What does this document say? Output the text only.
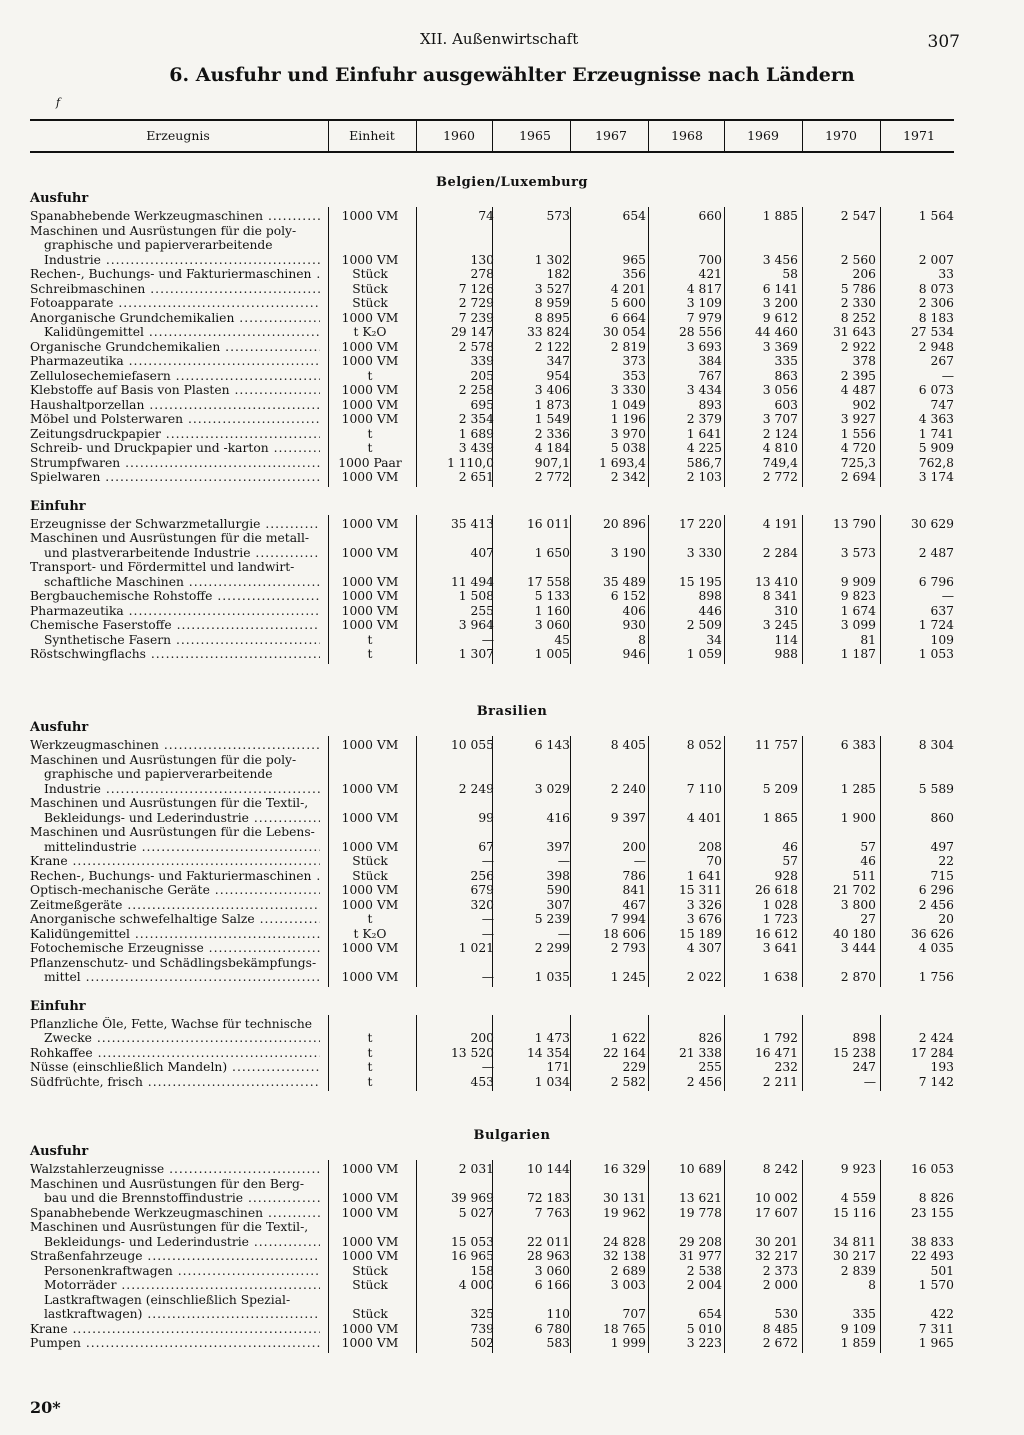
XII. Außenwirtschaft	307
6. Ausfuhr und Einfuhr ausgewählter Erzeugnisse nach Ländern
f
Erzeugnis	Einheit	1960	1965	1967	1968	1969	1970	1971
Belgien/Luxemburg
Ausfuhr
Spanabhebende Werkzeugmaschinen .....	1000 VM	74	573	654	660	1 885	2 547	1 564
Maschinen und Ausrüstungen für die poly-
graphische und papierverarbeitende
Industrie .....	1000 VM	130	1 302	965	700	3 456	2 560	2 007
Rechen-, Buchungs- und Fakturiermaschinen .....	Stück	278	182	356	421	58	206	33
Schreibmaschinen .....	Stück	7 126	3 527	4 201	4 817	6 141	5 786	8 073
Fotoapparate .....	Stück	2 729	8 959	5 600	3 109	3 200	2 330	2 306
Anorganische Grundchemikalien .....	1000 VM	7 239	8 895	6 664	7 979	9 612	8 252	8 183
Kalidüngemittel .....	t K₂O	29 147	33 824	30 054	28 556	44 460	31 643	27 534
Organische Grundchemikalien .....	1000 VM	2 578	2 122	2 819	3 693	3 369	2 922	2 948
Pharmazeutika .....	1000 VM	339	347	373	384	335	378	267
Zellulosechemiefasern .....	t	205	954	353	767	863	2 395	—
Klebstoffe auf Basis von Plasten .....	1000 VM	2 258	3 406	3 330	3 434	3 056	4 487	6 073
Haushaltporzellan .....	1000 VM	695	1 873	1 049	893	603	902	747
Möbel und Polsterwaren .....	1000 VM	2 354	1 549	1 196	2 379	3 707	3 927	4 363
Zeitungsdruckpapier .....	t	1 689	2 336	3 970	1 641	2 124	1 556	1 741
Schreib- und Druckpapier und -karton .....	t	3 439	4 184	5 038	4 225	4 810	4 720	5 909
Strumpfwaren .....	1000 Paar	1 110,0	907,1	1 693,4	586,7	749,4	725,3	762,8
Spielwaren .....	1000 VM	2 651	2 772	2 342	2 103	2 772	2 694	3 174
Einfuhr
Erzeugnisse der Schwarzmetallurgie .....	1000 VM	35 413	16 011	20 896	17 220	4 191	13 790	30 629
Maschinen und Ausrüstungen für die metall-
und plastverarbeitende Industrie .....	1000 VM	407	1 650	3 190	3 330	2 284	3 573	2 487
Transport- und Fördermittel und landwirt-
schaftliche Maschinen .....	1000 VM	11 494	17 558	35 489	15 195	13 410	9 909	6 796
Bergbauchemische Rohstoffe .....	1000 VM	1 508	5 133	6 152	898	8 341	9 823	—
Pharmazeutika .....	1000 VM	255	1 160	406	446	310	1 674	637
Chemische Faserstoffe .....	1000 VM	3 964	3 060	930	2 509	3 245	3 099	1 724
Synthetische Fasern .....	t	—	45	8	34	114	81	109
Röstschwingflachs .....	t	1 307	1 005	946	1 059	988	1 187	1 053
Brasilien
Ausfuhr
Werkzeugmaschinen .....	1000 VM	10 055	6 143	8 405	8 052	11 757	6 383	8 304
Maschinen und Ausrüstungen für die poly-
graphische und papierverarbeitende
Industrie .....	1000 VM	2 249	3 029	2 240	7 110	5 209	1 285	5 589
Maschinen und Ausrüstungen für die Textil-,
Bekleidungs- und Lederindustrie .....	1000 VM	99	416	9 397	4 401	1 865	1 900	860
Maschinen und Ausrüstungen für die Lebens-
mittelindustrie .....	1000 VM	67	397	200	208	46	57	497
Krane .....	Stück	—	—	—	70	57	46	22
Rechen-, Buchungs- und Fakturiermaschinen .....	Stück	256	398	786	1 641	928	511	715
Optisch-mechanische Geräte .....	1000 VM	679	590	841	15 311	26 618	21 702	6 296
Zeitmeßgeräte .....	1000 VM	320	307	467	3 326	1 028	3 800	2 456
Anorganische schwefelhaltige Salze .....	t	—	5 239	7 994	3 676	1 723	27	20
Kalidüngemittel .....	t K₂O	—	—	18 606	15 189	16 612	40 180	36 626
Fotochemische Erzeugnisse .....	1000 VM	1 021	2 299	2 793	4 307	3 641	3 444	4 035
Pflanzenschutz- und Schädlingsbekämpfungs-
mittel .....	1000 VM	—	1 035	1 245	2 022	1 638	2 870	1 756
Einfuhr
Pflanzliche Öle, Fette, Wachse für technische
Zwecke .....	t	200	1 473	1 622	826	1 792	898	2 424
Rohkaffee .....	t	13 520	14 354	22 164	21 338	16 471	15 238	17 284
Nüsse (einschließlich Mandeln) .....	t	—	171	229	255	232	247	193
Südfrüchte, frisch .....	t	453	1 034	2 582	2 456	2 211	—	7 142
Bulgarien
Ausfuhr
Walzstahlerzeugnisse .....	1000 VM	2 031	10 144	16 329	10 689	8 242	9 923	16 053
Maschinen und Ausrüstungen für den Berg-
bau und die Brennstoffindustrie .....	1000 VM	39 969	72 183	30 131	13 621	10 002	4 559	8 826
Spanabhebende Werkzeugmaschinen .....	1000 VM	5 027	7 763	19 962	19 778	17 607	15 116	23 155
Maschinen und Ausrüstungen für die Textil-,
Bekleidungs- und Lederindustrie .....	1000 VM	15 053	22 011	24 828	29 208	30 201	34 811	38 833
Straßenfahrzeuge .....	1000 VM	16 965	28 963	32 138	31 977	32 217	30 217	22 493
Personenkraftwagen .....	Stück	158	3 060	2 689	2 538	2 373	2 839	501
Motorräder .....	Stück	4 000	6 166	3 003	2 004	2 000	8	1 570
Lastkraftwagen (einschließlich Spezial-
lastkraftwagen) .....	Stück	325	110	707	654	530	335	422
Krane .....	1000 VM	739	6 780	18 765	5 010	8 485	9 109	7 311
Pumpen .....	1000 VM	502	583	1 999	3 223	2 672	1 859	1 965
20*
